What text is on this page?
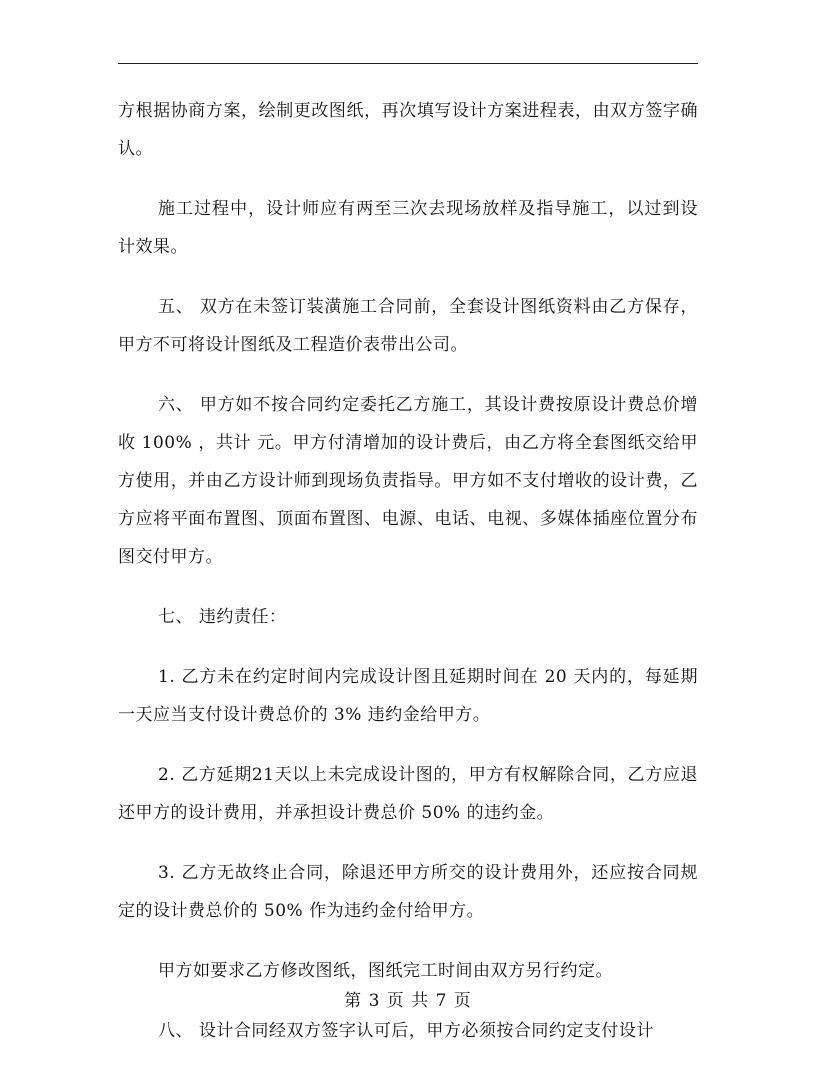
方根据协商方案，绘制更改图纸，再次填写设计方案进程表，由双方签字确认。

施工过程中，设计师应有两至三次去现场放样及指导施工，以过到设计效果。

五、 双方在未签订装潢施工合同前，全套设计图纸资料由乙方保存，甲方不可将设计图纸及工程造价表带出公司。

六、 甲方如不按合同约定委托乙方施工，其设计费按原设计费总价增收 100% ，共计 元。甲方付清增加的设计费后，由乙方将全套图纸交给甲方使用，并由乙方设计师到现场负责指导。甲方如不支付增收的设计费，乙方应将平面布置图、顶面布置图、电源、电话、电视、多媒体插座位置分布图交付甲方。

七、 违约责任：

1. 乙方未在约定时间内完成设计图且延期时间在 20 天内的，每延期一天应当支付设计费总价的 3% 违约金给甲方。

2. 乙方延期21天以上未完成设计图的，甲方有权解除合同，乙方应退还甲方的设计费用，并承担设计费总价 50% 的违约金。

3. 乙方无故终止合同，除退还甲方所交的设计费用外，还应按合同规定的设计费总价的 50% 作为违约金付给甲方。

甲方如要求乙方修改图纸，图纸完工时间由双方另行约定。

八、 设计合同经双方签字认可后，甲方必须按合同约定支付设计

第 3 页 共 7 页
